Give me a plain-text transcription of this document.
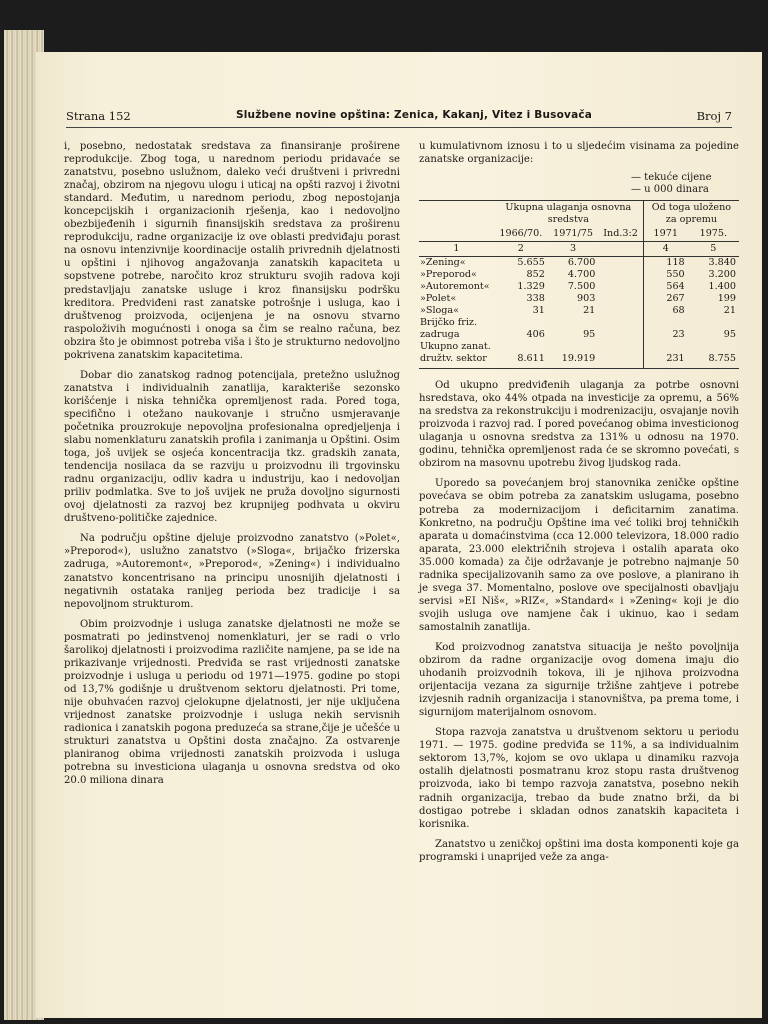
Strana 152	Službene novine opština: Zenica, Kakanj, Vitez i Busovača	Broj 7

i, posebno, nedostatak sredstava za finansiranje proširene reprodukcije. Zbog toga, u narednom periodu pridavaće se zanatstvu, posebno uslužnom, daleko veći društveni i privredni značaj, obzirom na njegovu ulogu i uticaj na opšti razvoj i životni standard. Međutim, u narednom periodu, zbog nepostojanja koncepcijskih i organizacionih rješenja, kao i nedovoljno obezbijeđenih i sigurnih finansijskih sredstava za proširenu reprodukciju, radne organizacije iz ove oblasti predviđaju porast na osnovu intenzivnije koordinacije ostalih privrednih djelatnosti u opštini i njihovog angažovanja zanatskih kapaciteta u sopstvene potrebe, naročito kroz strukturu svojih radova koji predstavljaju zanatske usluge i kroz finansijsku podršku kreditora. Predviđeni rast zanatske potrošnje i usluga, kao i društvenog proizvoda, ocijenjena je na osnovu stvarno raspoloživih mogućnosti i onoga sa čim se realno računa, bez obzira što je obimnost potreba viša i što je strukturno nedovoljno pokrivena zanatskim kapacitetima.

Dobar dio zanatskog radnog potencijala, pretežno uslužnog zanatstva i individualnih zanatlija, karakteriše sezonsko korišćenje i niska tehnička opremljenost rada. Pored toga, specifično i otežano naukovanje i stručno usmjeravanje početnika prouzrokuje nepovoljna profesionalna opredjeljenja i slabu nomenklaturu zanatskih profila i zanimanja u Opštini. Osim toga, još uvijek se osjeća koncentracija tkz. gradskih zanata, tendencija nosilaca da se razviju u proizvodnu ili trgovinsku radnu organizaciju, odliv kadra u industriju, kao i nedovoljan priliv podmlatka. Sve to još uvijek ne pruža dovoljno sigurnosti ovoj djelatnosti za razvoj bez krupnijeg podhvata u okviru društveno-političke zajednice.

Na području opštine djeluje proizvodno zanatstvo (»Polet«, »Preporod«), uslužno zanatstvo (»Sloga«, brijačko frizerska zadruga, »Autoremont«, »Preporod«, »Zening«) i individualno zanatstvo koncentrisano na principu unosnijih djelatnosti i negativnih ostataka ranijeg perioda bez tradicije i sa nepovoljnom strukturom.

Obim proizvodnje i usluga zanatske djelatnosti ne može se posmatrati po jedinstvenoj nomenklaturi, jer se radi o vrlo šarolikoj djelatnosti i proizvodima različite namjene, pa se ide na prikazivanje vrijednosti. Predviđa se rast vrijednosti zanatske proizvodnje i usluga u periodu od 1971—1975. godine po stopi od 13,7% godišnje u društvenom sektoru djelatnosti. Pri tome, nije obuhvaćen razvoj cjelokupne djelatnosti, jer nije uključena vrijednost zanatske proizvodnje i usluga nekih servisnih radionica i zanatskih pogona preduzeća sa strane,čije je učešće u strukturi zanatstva u Opštini dosta značajno. Za ostvarenje planiranog obima vrijednosti zanatskih proizvoda i usluga potrebna su investiciona ulaganja u osnovna sredstva od oko 20.0 miliona dinara

u kumulativnom iznosu i to u sljedećim visinama za pojedine zanatske organizacije:

— tekuće cijene
— u 000 dinara
	Ukupna ulaganja osnovna sredstva			Od toga uloženo za opremu	
	1966/70.	1971/75	Ind.3:2	1971	1975.
1	2	3		4	5
»Zening«	5.655	6.700		118	3.840
»Preporod«	852	4.700		550	3.200
»Autoremont«	1.329	7.500		564	1.400
»Polet«	338	903		267	199
»Sloga«	31	21		68	21
Brijčko friz.					
zadruga	406	95		23	95
Ukupno zanat.					
družtv. sektor	8.611	19.919		231	8.755

Od ukupno predviđenih ulaganja za potrbe osnovni hsredstava, oko 44% otpada na investicije za opremu, a 56% na sredstva za rekonstrukciju i modrenizaciju, osvajanje novih proizvoda i razvoj rad. I pored povećanog obima investicionog ulaganja u osnovna sredstva za 131% u odnosu na 1970. godinu, tehnička opremljenost rada će se skromno povećati, s obzirom na masovnu upotrebu živog ljudskog rada.

Uporedo sa povećanjem broj stanovnika zeničke opštine povećava se obim potreba za zanatskim uslugama, posebno potreba za modernizacijom i deficitarnim zanatima. Konkretno, na području Opštine ima već toliki broj tehničkih aparata u domaćinstvima (cca 12.000 televizora, 18.000 radio aparata, 23.000 električnih strojeva i ostalih aparata oko 35.000 komada) za čije održavanje je potrebno najmanje 50 radnika specijalizovanih samo za ove poslove, a planirano ih je svega 37. Momentalno, poslove ove specijalnosti obavljaju servisi »EI Niš«, »RIZ«, »Standard« i »Zening« koji je dio svojih usluga ove namjene čak i ukinuo, kao i sedam samostalnih zanatlija.

Kod proizvodnog zanatstva situacija je nešto povoljnija obzirom da radne organizacije ovog domena imaju dio uhodanih proizvodnih tokova, ili je njihova proizvodna orijentacija vezana za sigurnije tržišne zahtjeve i potrebe izvjesnih radnih organizacija i stanovništva, pa prema tome, i sigurnijom materijalnom osnovom.

Stopa razvoja zanatstva u društvenom sektoru u periodu 1971. — 1975. godine predviđa se 11%, a sa individualnim sektorom 13,7%, kojom se ovo uklapa u dinamiku razvoja ostalih djelatnosti posmatranu kroz stopu rasta društvenog proizvoda, iako bi tempo razvoja zanatstva, posebno nekih radnih organizacija, trebao da bude znatno brži, da bi dostigao potrebe i skladan odnos zanatskih kapaciteta i korisnika.

Zanatstvo u zeničkoj opštini ima dosta komponenti koje ga programski i unaprijed veže za anga-
